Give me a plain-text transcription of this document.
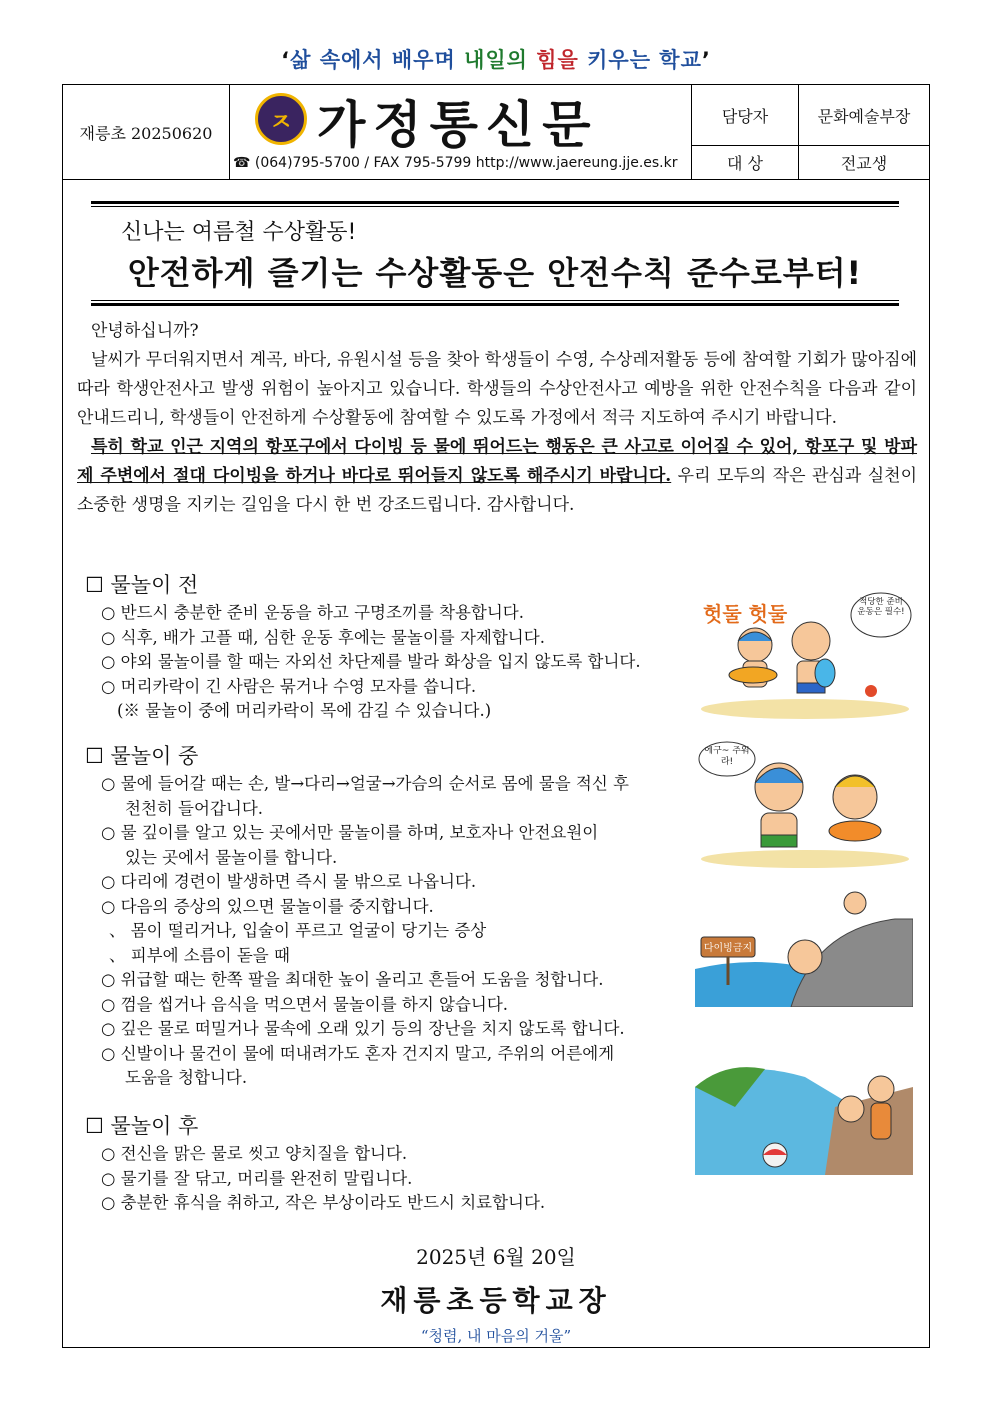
‘삶 속에서 배우며 내일의 힘을 키우는 학교’
재릉초 20250620	ㅈ 가정통신문
☎ (064)795-5700 / FAX 795-5799 http://www.jaereung.jje.es.kr
담당자	문화예술부장
대 상	전교생
신나는 여름철 수상활동!
안전하게 즐기는 수상활동은 안전수칙 준수로부터!

안녕하십니까?

날씨가 무더워지면서 계곡, 바다, 유원시설 등을 찾아 학생들이 수영, 수상레저활동 등에 참여할 기회가 많아짐에 따라 학생안전사고 발생 위험이 높아지고 있습니다. 학생들의 수상안전사고 예방을 위한 안전수칙을 다음과 같이 안내드리니, 학생들이 안전하게 수상활동에 참여할 수 있도록 가정에서 적극 지도하여 주시기 바랍니다.

특히 학교 인근 지역의 항포구에서 다이빙 등 물에 뛰어드는 행동은 큰 사고로 이어질 수 있어, 항포구 및 방파제 주변에서 절대 다이빙을 하거나 바다로 뛰어들지 않도록 해주시기 바랍니다. 우리 모두의 작은 관심과 실천이 소중한 생명을 지키는 길임을 다시 한 번 강조드립니다. 감사합니다.

☐ 물놀이 전
○ 반드시 충분한 준비 운동을 하고 구명조끼를 착용합니다.
○ 식후, 배가 고플 때, 심한 운동 후에는 물놀이를 자제합니다.
○ 야외 물놀이를 할 때는 자외선 차단제를 발라 화상을 입지 않도록 합니다.
○ 머리카락이 긴 사람은 묶거나 수영 모자를 씁니다.
(※ 물놀이 중에 머리카락이 목에 감길 수 있습니다.)
☐ 물놀이 중
○ 물에 들어갈 때는 손, 발→다리→얼굴→가슴의 순서로 몸에 물을 적신 후
천천히 들어갑니다.
○ 물 깊이를 알고 있는 곳에서만 물놀이를 하며, 보호자나 안전요원이
있는 곳에서 물놀이를 합니다.
○ 다리에 경련이 발생하면 즉시 물 밖으로 나옵니다.
○ 다음의 증상의 있으면 물놀이를 중지합니다.
、 몸이 떨리거나, 입술이 푸르고 얼굴이 당기는 증상
、 피부에 소름이 돋을 때
○ 위급할 때는 한쪽 팔을 최대한 높이 올리고 흔들어 도움을 청합니다.
○ 껌을 씹거나 음식을 먹으면서 물놀이를 하지 않습니다.
○ 깊은 물로 떠밀거나 물속에 오래 있기 등의 장난을 치지 않도록 합니다.
○ 신발이나 물건이 물에 떠내려가도 혼자 건지지 말고, 주위의 어른에게
도움을 청합니다.
☐ 물놀이 후
○ 전신을 맑은 물로 씻고 양치질을 합니다.
○ 물기를 잘 닦고, 머리를 완전히 말립니다.
○ 충분한 휴식을 취하고, 작은 부상이라도 반드시 치료합니다.
헛둘 헛둘	적당한 준비 운동은 필수!
에구~ 추워라!
다이빙금지
2025년 6월 20일
재릉초등학교장
“청렴, 내 마음의 거울”
